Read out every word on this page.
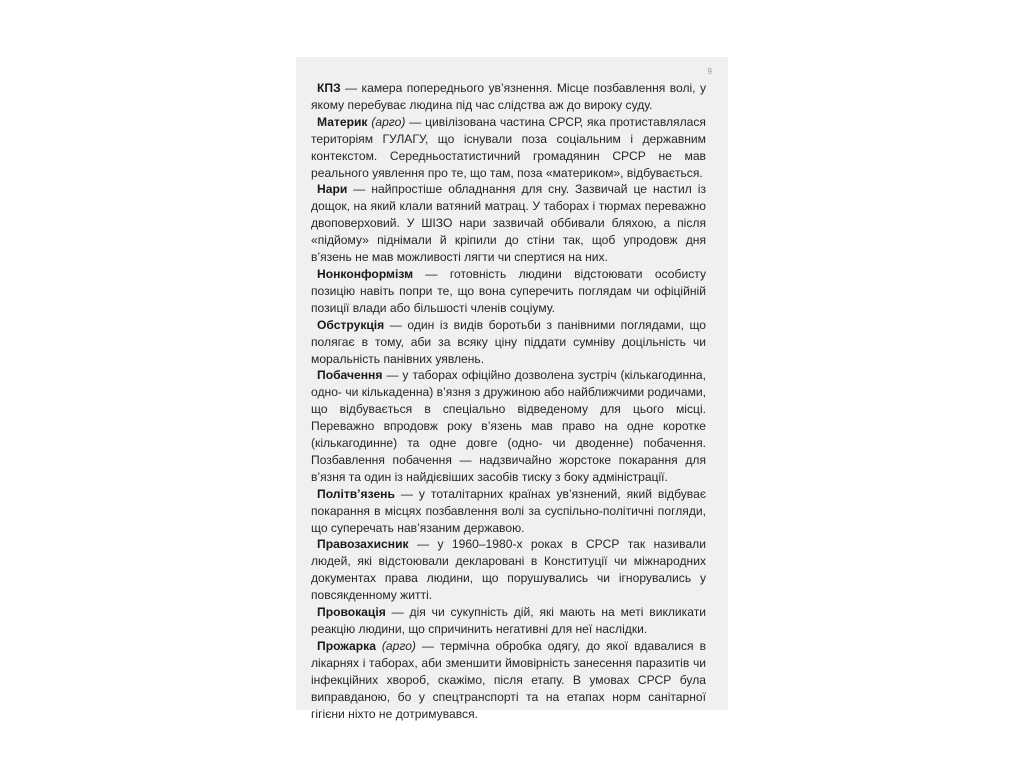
9

КПЗ — камера попереднього ув’язнення. Місце позбавлення волі, у якому перебуває людина під час слідства аж до вироку суду.

Материк (арго) — цивілізована частина СРСР, яка протиставлялася територіям ГУЛАГУ, що існували поза соціальним і державним контекстом. Середньостатистичний громадянин СРСР не мав реального уявлення про те, що там, поза «материком», відбувається.

Нари — найпростіше обладнання для сну. Зазвичай це настил із дощок, на який клали ватяний матрац. У таборах і тюрмах переважно двоповерховий. У ШІЗО нари зазвичай оббивали бляхою, а після «підйому» піднімали й кріпили до стіни так, щоб упродовж дня в’язень не мав можливості лягти чи спертися на них.

Нонконформізм — готовність людини відстоювати особисту позицію навіть попри те, що вона суперечить поглядам чи офіційній позиції влади або більшості членів соціуму.

Обструкція — один із видів боротьби з панівними поглядами, що полягає в тому, аби за всяку ціну піддати сумніву доцільність чи моральність панівних уявлень.

Побачення — у таборах офіційно дозволена зустріч (кількагодинна, одно- чи кількаденна) в’язня з дружиною або найближчими родичами, що відбувається в спеціально відведеному для цього місці. Переважно впродовж року в’язень мав право на одне коротке (кількагодинне) та одне довге (одно- чи дводенне) побачення. Позбавлення побачення — надзвичайно жорстоке покарання для в’язня та один із найдієвіших засобів тиску з боку адміністрації.

Політв’язень — у тоталітарних країнах ув’язнений, який відбуває покарання в місцях позбавлення волі за суспільно-політичні погляди, що суперечать нав’язаним державою.

Правозахисник — у 1960–1980-х роках в СРСР так називали людей, які відстоювали декларовані в Конституції чи міжнародних документах права людини, що порушувались чи ігнорувались у повсякденному житті.

Провокація — дія чи сукупність дій, які мають на меті викликати реакцію людини, що спричинить негативні для неї наслідки.

Прожарка (арго) — термічна обробка одягу, до якої вдавалися в лікарнях і таборах, аби зменшити ймовірність занесення паразитів чи інфекційних хвороб, скажімо, після етапу. В умовах СРСР була виправданою, бо у спецтранспорті та на етапах норм санітарної гігієни ніхто не дотримувався.
